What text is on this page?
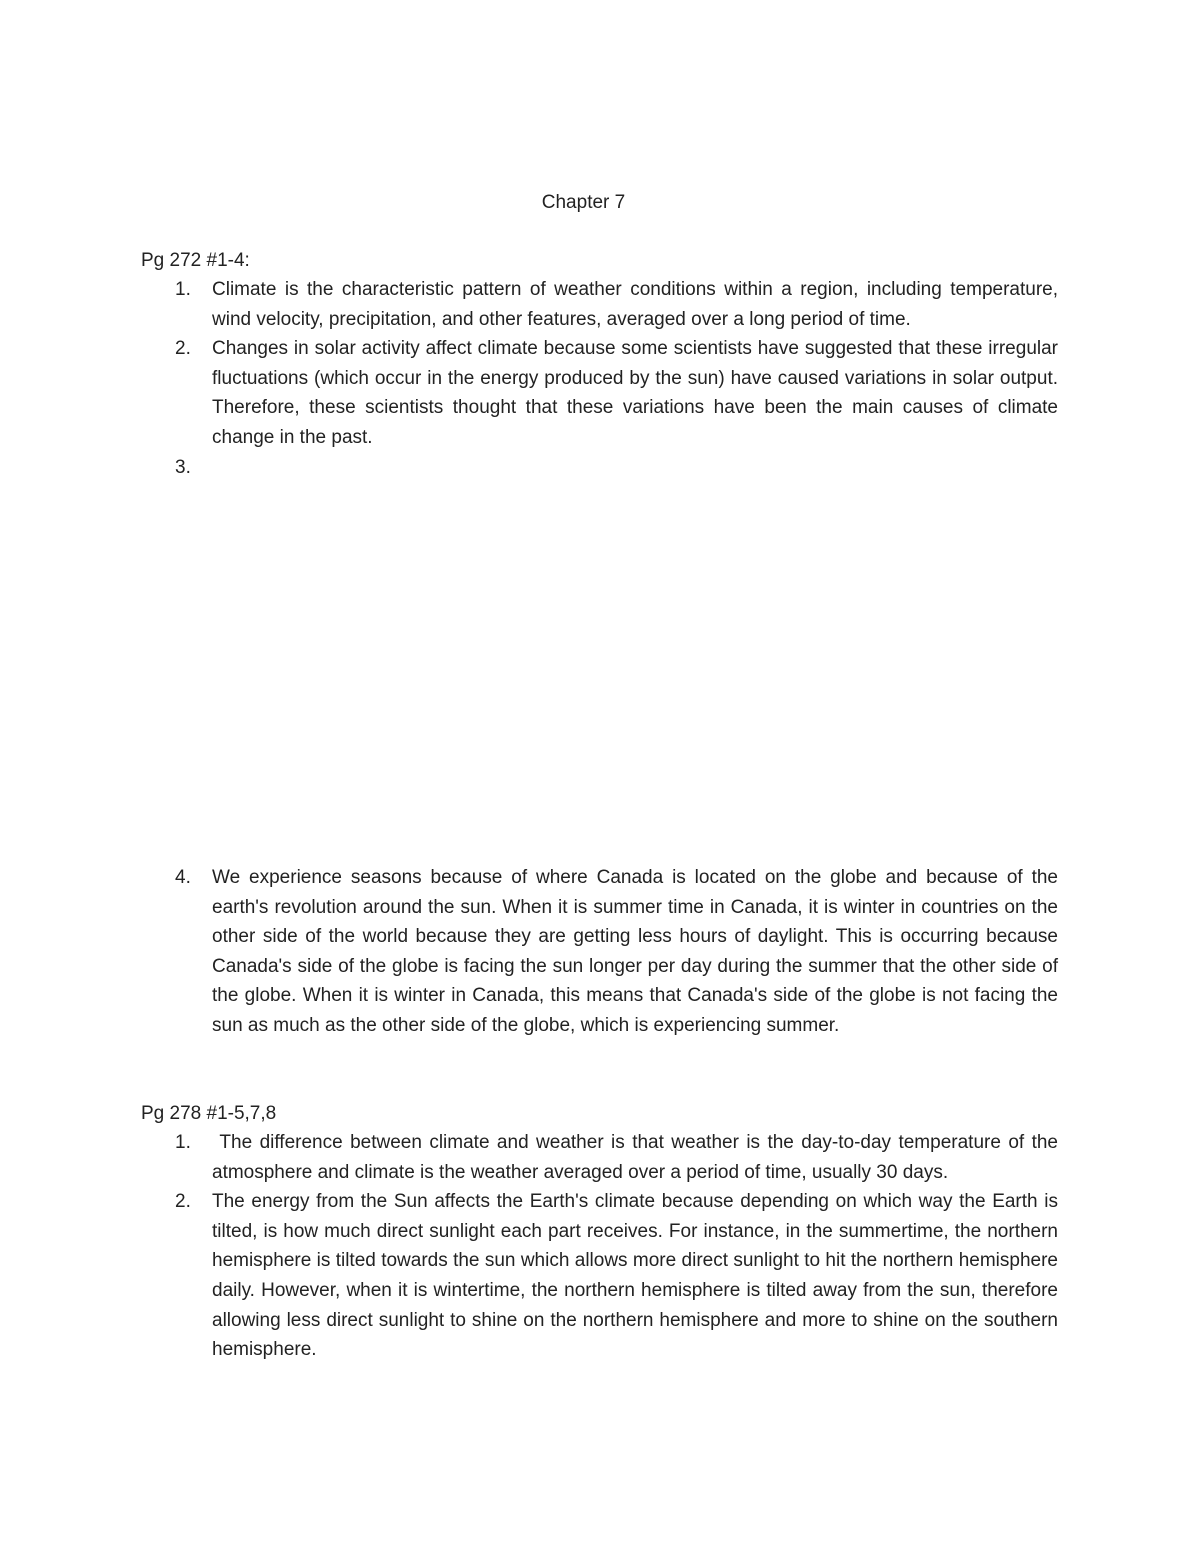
Chapter 7
Pg 272 #1-4:
1.	Climate is the characteristic pattern of weather conditions within a region, including temperature, wind velocity, precipitation, and other features, averaged over a long period of time.
2.	Changes in solar activity affect climate because some scientists have suggested that these irregular fluctuations (which occur in the energy produced by the sun) have caused variations in solar output. Therefore, these scientists thought that these variations have been the main causes of climate change in the past.
3.
4.	We experience seasons because of where Canada is located on the globe and because of the earth's revolution around the sun. When it is summer time in Canada, it is winter in countries on the other side of the world because they are getting less hours of daylight. This is occurring because Canada's side of the globe is facing the sun longer per day during the summer that the other side of the globe. When it is winter in Canada, this means that Canada's side of the globe is not facing the sun as much as the other side of the globe, which is experiencing summer.
Pg 278 #1-5,7,8
1.	The difference between climate and weather is that weather is the day-to-day temperature of the atmosphere and climate is the weather averaged over a period of time, usually 30 days.
2.	The energy from the Sun affects the Earth's climate because depending on which way the Earth is tilted, is how much direct sunlight each part receives. For instance, in the summertime, the northern hemisphere is tilted towards the sun which allows more direct sunlight to hit the northern hemisphere daily. However, when it is wintertime, the northern hemisphere is tilted away from the sun, therefore allowing less direct sunlight to shine on the northern hemisphere and more to shine on the southern hemisphere.
